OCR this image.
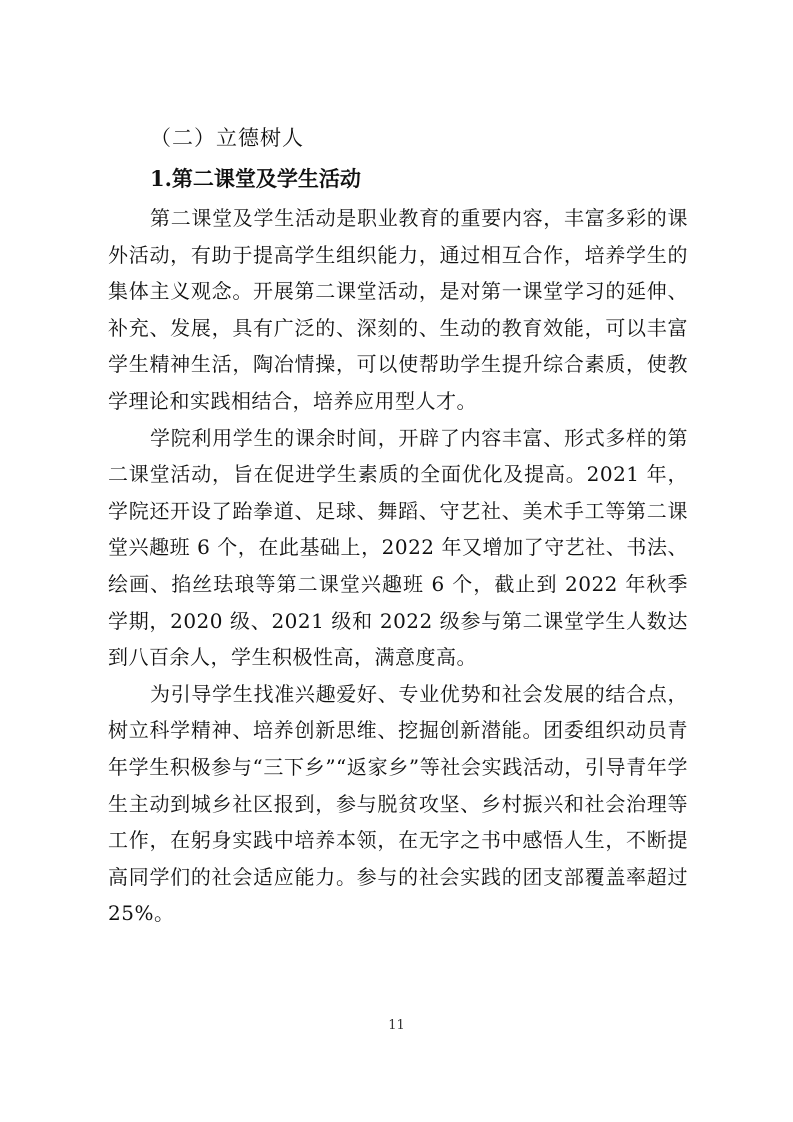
（二）立德树人
1.第二课堂及学生活动

第二课堂及学生活动是职业教育的重要内容，丰富多彩的课外活动，有助于提高学生组织能力，通过相互合作，培养学生的集体主义观念。开展第二课堂活动，是对第一课堂学习的延伸、 补充、发展，具有广泛的、深刻的、生动的教育效能，可以丰富学生精神生活，陶冶情操，可以使帮助学生提升综合素质，使教学理论和实践相结合，培养应用型人才。

学院利用学生的课余时间，开辟了内容丰富、形式多样的第二课堂活动，旨在促进学生素质的全面优化及提高。2021 年，学院还开设了跆拳道、足球、舞蹈、守艺社、美术手工等第二课堂兴趣班 6 个，在此基础上，2022 年又增加了守艺社、书法、绘画、掐丝珐琅等第二课堂兴趣班 6 个，截止到 2022 年秋季学期，2020 级、2021 级和 2022 级参与第二课堂学生人数达到八百余人，学生积极性高，满意度高。

为引导学生找准兴趣爱好、专业优势和社会发展的结合点，树立科学精神、培养创新思维、挖掘创新潜能。团委组织动员青年学生积极参与“三下乡”“返家乡”等社会实践活动，引导青年学生主动到城乡社区报到，参与脱贫攻坚、乡村振兴和社会治理等工作，在躬身实践中培养本领，在无字之书中感悟人生，不断提高同学们的社会适应能力。参与的社会实践的团支部覆盖率超过 25%。

11
